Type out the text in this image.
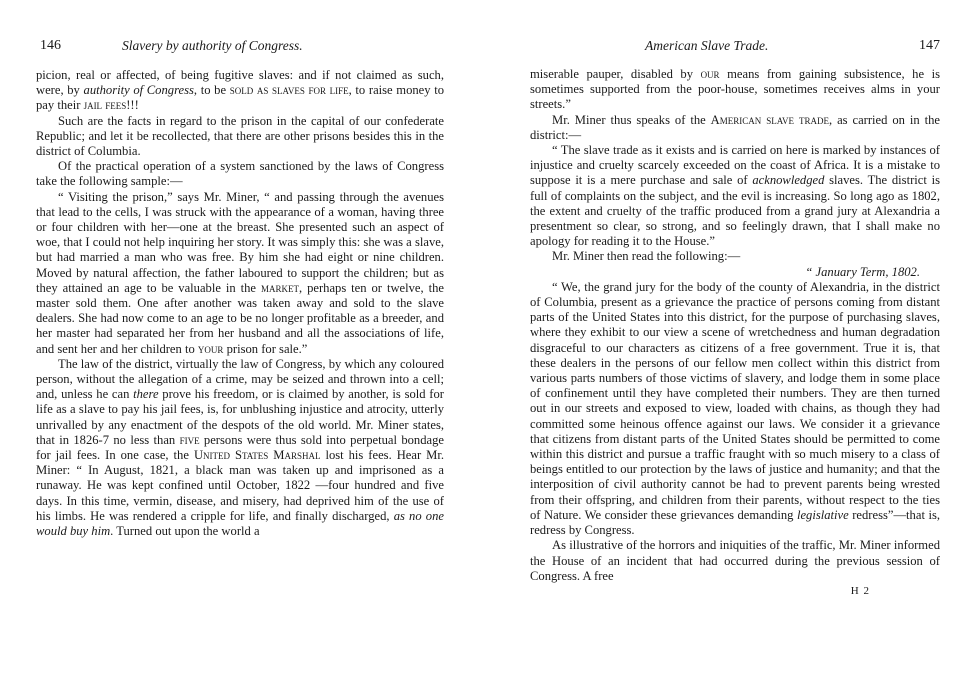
146	Slavery by authority of Congress.

picion, real or affected, of being fugitive slaves: and if not claimed as such, were, by authority of Congress, to be sold as slaves for life, to raise money to pay their jail fees!!!

Such are the facts in regard to the prison in the capital of our confederate Republic; and let it be recollected, that there are other prisons besides this in the district of Columbia.

Of the practical operation of a system sanctioned by the laws of Congress take the following sample:—

“ Visiting the prison,” says Mr. Miner, “ and passing through the avenues that lead to the cells, I was struck with the appearance of a woman, having three or four children with her—one at the breast. She presented such an aspect of woe, that I could not help inquiring her story. It was simply this: she was a slave, but had married a man who was free. By him she had eight or nine children. Moved by natural affection, the father laboured to support the children; but as they attained an age to be valuable in the market, perhaps ten or twelve, the master sold them. One after another was taken away and sold to the slave dealers. She had now come to an age to be no longer profitable as a breeder, and her master had separated her from her husband and all the associations of life, and sent her and her children to your prison for sale.”

The law of the district, virtually the law of Congress, by which any coloured person, without the allegation of a crime, may be seized and thrown into a cell; and, unless he can there prove his freedom, or is claimed by another, is sold for life as a slave to pay his jail fees, is, for unblushing injustice and atrocity, utterly unrivalled by any enactment of the despots of the old world. Mr. Miner states, that in 1826-7 no less than five persons were thus sold into perpetual bondage for jail fees. In one case, the United States Marshal lost his fees. Hear Mr. Miner: “ In August, 1821, a black man was taken up and imprisoned as a runaway. He was kept confined until October, 1822 —four hundred and five days. In this time, vermin, disease, and misery, had deprived him of the use of his limbs. He was rendered a cripple for life, and finally discharged, as no one would buy him. Turned out upon the world a

American Slave Trade.	147

miserable pauper, disabled by our means from gaining subsistence, he is sometimes supported from the poor-house, sometimes receives alms in your streets.”

Mr. Miner thus speaks of the American slave trade, as carried on in the district:—

“ The slave trade as it exists and is carried on here is marked by instances of injustice and cruelty scarcely exceeded on the coast of Africa. It is a mistake to suppose it is a mere purchase and sale of acknowledged slaves. The district is full of complaints on the subject, and the evil is increasing. So long ago as 1802, the extent and cruelty of the traffic produced from a grand jury at Alexandria a presentment so clear, so strong, and so feelingly drawn, that I shall make no apology for reading it to the House.”

Mr. Miner then read the following:—

“ January Term, 1802.

“ We, the grand jury for the body of the county of Alexandria, in the district of Columbia, present as a grievance the practice of persons coming from distant parts of the United States into this district, for the purpose of purchasing slaves, where they exhibit to our view a scene of wretchedness and human degradation disgraceful to our characters as citizens of a free government. True it is, that these dealers in the persons of our fellow men collect within this district from various parts numbers of those victims of slavery, and lodge them in some place of confinement until they have completed their numbers. They are then turned out in our streets and exposed to view, loaded with chains, as though they had committed some heinous offence against our laws. We consider it a grievance that citizens from distant parts of the United States should be permitted to come within this district and pursue a traffic fraught with so much misery to a class of beings entitled to our protection by the laws of justice and humanity; and that the interposition of civil authority cannot be had to prevent parents being wrested from their offspring, and children from their parents, without respect to the ties of Nature. We consider these grievances demanding legislative redress”—that is, redress by Congress.

As illustrative of the horrors and iniquities of the traffic, Mr. Miner informed the House of an incident that had occurred during the previous session of Congress. A free

H 2
